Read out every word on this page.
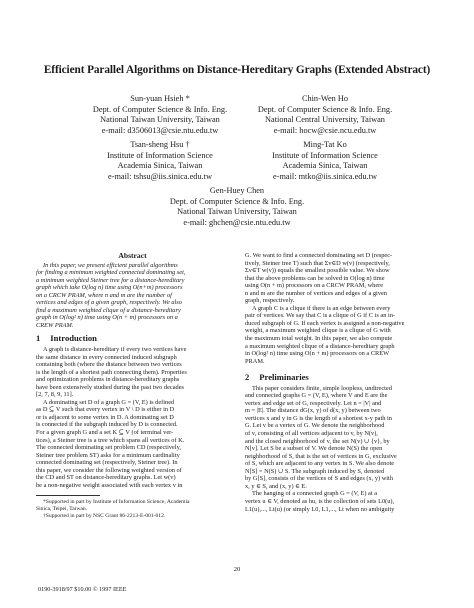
Efficient Parallel Algorithms on Distance-Hereditary Graphs (Extended Abstract)
Sun-yuan Hsieh *
Dept. of Computer Science & Info. Eng.
National Taiwan University, Taiwan
e-mail: d3506013@csie.ntu.edu.tw
Chin-Wen Ho
Dept. of Computer Science & Info. Eng.
National Central University, Taiwan
e-mail: hocw@csie.ncu.edu.tw
Tsan-sheng Hsu †
Institute of Information Science
Academia Sinica, Taiwan
e-mail: tshsu@iis.sinica.edu.tw
Ming-Tat Ko
Institute of Information Science
Academia Sinica, Taiwan
e-mail: mtko@iis.sinica.edu.tw
Gen-Huey Chen
Dept. of Computer Science & Info. Eng.
National Taiwan University, Taiwan
e-mail: ghchen@csie.ntu.edu.tw
Abstract

In this paper, we present efficient parallel algorithms
for finding a minimum weighted connected dominating set,
a minimum weighted Steiner tree for a distance-hereditary
graph which take O(log n) time using O(n+m) processors
on a CRCW PRAM, where n and m are the number of
vertices and edges of a given graph, respectively. We also
find a maximum weighted clique of a distance-hereditary
graph in O(log² n) time using O(n + m) processors on a
CREW PRAM.

1 Introduction

A graph is distance-hereditary if every two vertices have
the same distance in every connected induced subgraph
containing both (where the distance between two vertices
is the length of a shortest path connecting them). Properties
and optimization problems in distance-hereditary graphs
have been extensively studied during the past two decades
[2, 7, 8, 9, 11].

A dominating set D of a graph G = (V, E) is defined
as D ⊆ V such that every vertex in V \ D is either in D
or is adjacent to some vertex in D. A dominating set D
is connected if the subgraph induced by D is connected.
For a given graph G and a set K ⊆ V (of terminal ver-
tices), a Steiner tree is a tree which spans all vertices of K.
The connected dominating set problem CD (respectively,
Steiner tree problem ST) asks for a minimum cardinality
connected dominating set (respectively, Steiner tree). In
this paper, we consider the following weighted version of
the CD and ST on distance-hereditary graphs. Let w(v)
be a non-negative weight associated with each vertex v in

*Supported in part by Institute of Information Science, Academia
Sinica, Teipei, Taiwan.
†Supported in part by NSC Grant 86-2213-E-001-012.

G. We want to find a connected dominating set D (respec-
tively, Steiner tree T) such that Σv∈D w(v) (respectively,
Σv∈T w(v)) equals the smallest possible value. We show
that the above problems can be solved in O(log n) time
using O(n + m) processors on a CRCW PRAM, where
n and m are the number of vertices and edges of a given
graph, respectively.

A graph C is a clique if there is an edge between every
pair of vertices. We say that C is a clique of G if C is an in-
duced subgraph of G. If each vertex is assigned a non-negative
weight, a maximum weighted clique is a clique of G with
the maximum total weight. In this paper, we also compute
a maximum weighted clique of a distance-hereditary graph
in O(log² n) time using O(n + m) processors on a CREW
PRAM.

2 Preliminaries

This paper considers finite, simple loopless, undirected
and connected graphs G = (V, E), where V and E are the
vertex and edge set of G, respectively. Let n = |V| and
m = |E|. The distance dG(x, y) of d(x, y) between two
vertices x and y in G is the length of a shortest x-y path in
G. Let v be a vertex of G. We denote the neighborhood
of v, consisting of all vertices adjacent to v, by N(v),
and the closed neighborhood of v, the set N(v) ∪ {v}, by
N[v]. Let S be a subset of V. We denote N(S) the open
neighborhood of S, that is the set of vertices in G, exclusive
of S, which are adjacent to any vertex in S. We also denote
N[S] = N(S) ∪ S. The subgraph induced by S, denoted
by G[S], consists of the vertices of S and edges (x, y) with
x, y ∈ S, and (x, y) ∈ E.

The hanging of a connected graph G = (V, E) at a
vertex u ∈ V, denoted as hu, is the collection of sets L0(u),
L1(u),..., Lt(u) (or simply L0, L1,..., Lt when no ambiguity

20
0190-3918/97 $10.00 © 1997 IEEE
